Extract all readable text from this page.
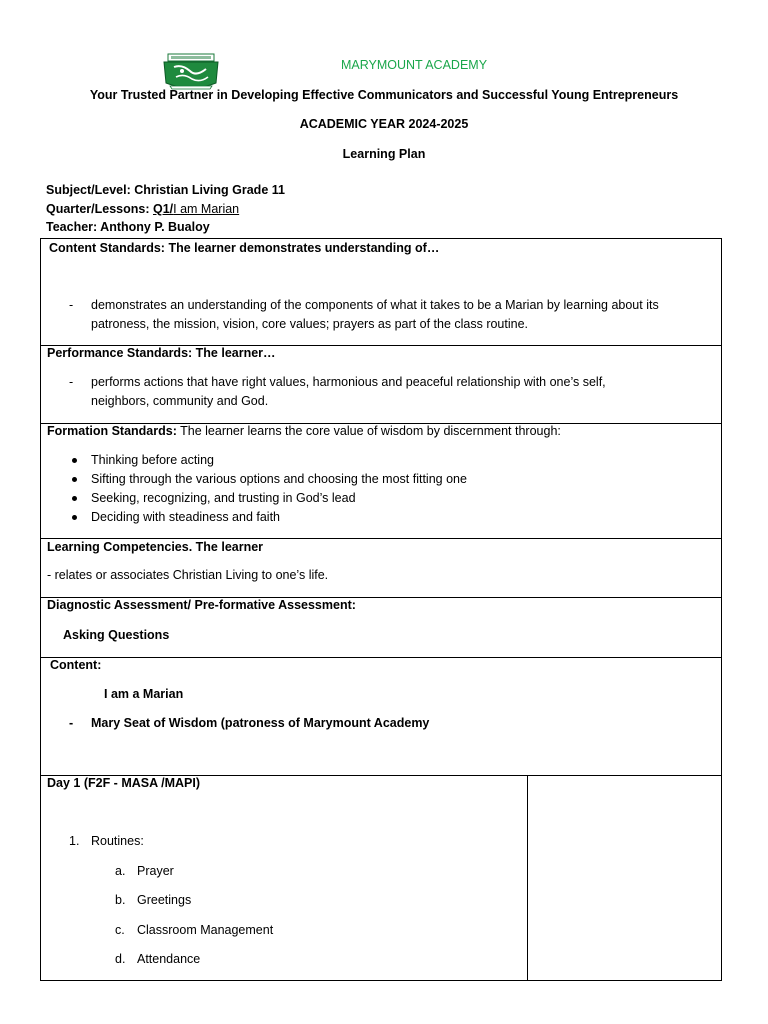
MARYMOUNT ACADEMY
Your Trusted Partner in Developing Effective Communicators and Successful Young Entrepreneurs
ACADEMIC YEAR 2024-2025
Learning Plan
Subject/Level: Christian Living Grade 11
Quarter/Lessons: Q1/I am Marian
Teacher: Anthony P. Bualoy
Content Standards: The learner demonstrates understanding of…
- demonstrates an understanding of the components of what it takes to be a Marian by learning about its
patroness, the mission, vision, core values; prayers as part of the class routine.
Performance Standards: The learner…
- performs actions that have right values, harmonious and peaceful relationship with one’s self,
neighbors, community and God.
Formation Standards: The learner learns the core value of wisdom by discernment through:
Thinking before acting
Sifting through the various options and choosing the most fitting one
Seeking, recognizing, and trusting in God’s lead
Deciding with steadiness and faith
Learning Competencies. The learner
- relates or associates Christian Living to one’s life.
Diagnostic Assessment/ Pre-formative Assessment:
Asking Questions
Content:
I am a Marian
- Mary Seat of Wisdom (patroness of Marymount Academy
Day 1 (F2F - MASA /MAPI)
1. Routines:
a. Prayer
b. Greetings
c. Classroom Management
d. Attendance
